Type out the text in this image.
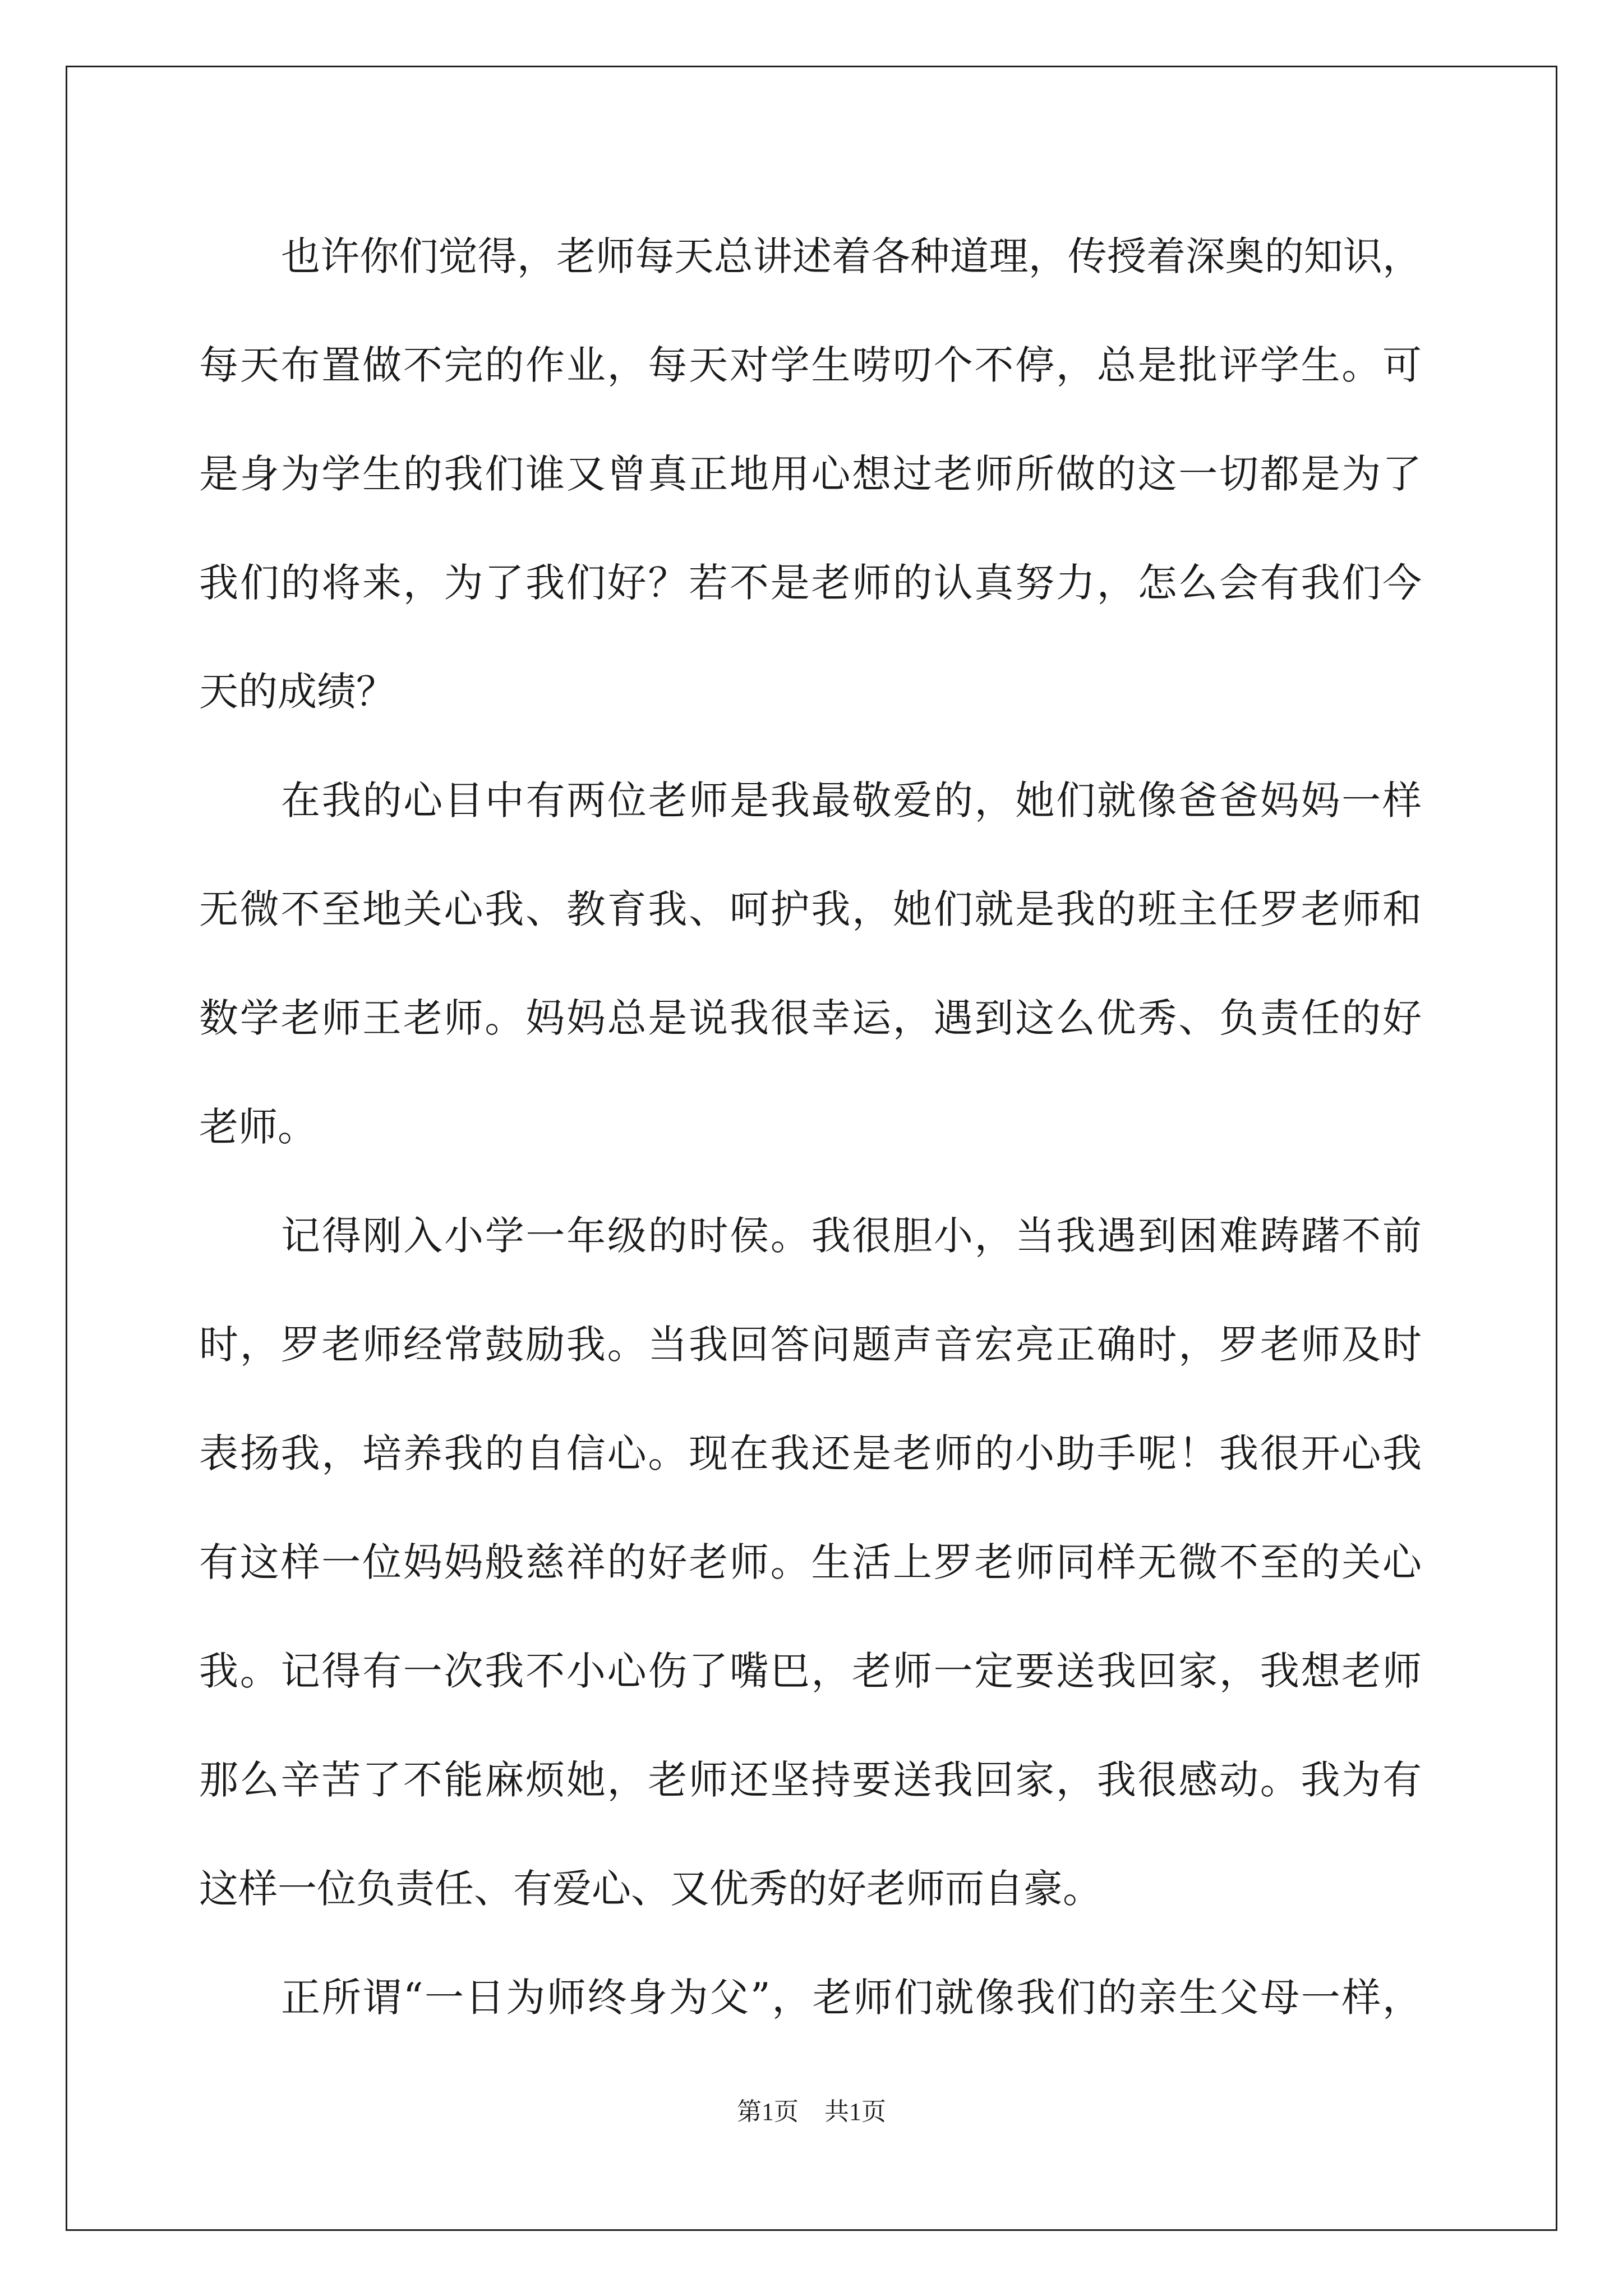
也许你们觉得，老师每天总讲述着各种道理，传授着深奥的知识，
每天布置做不完的作业，每天对学生唠叨个不停，总是批评学生。可
是身为学生的我们谁又曾真正地用心想过老师所做的这一切都是为了
我们的将来，为了我们好？若不是老师的认真努力，怎么会有我们今
天的成绩？
在我的心目中有两位老师是我最敬爱的，她们就像爸爸妈妈一样
无微不至地关心我、教育我、呵护我，她们就是我的班主任罗老师和
数学老师王老师。妈妈总是说我很幸运，遇到这么优秀、负责任的好
老师。
记得刚入小学一年级的时侯。我很胆小，当我遇到困难踌躇不前
时，罗老师经常鼓励我。当我回答问题声音宏亮正确时，罗老师及时
表扬我，培养我的自信心。现在我还是老师的小助手呢！我很开心我
有这样一位妈妈般慈祥的好老师。生活上罗老师同样无微不至的关心
我。记得有一次我不小心伤了嘴巴，老师一定要送我回家，我想老师
那么辛苦了不能麻烦她，老师还坚持要送我回家，我很感动。我为有
这样一位负责任、有爱心、又优秀的好老师而自豪。
正所谓“一日为师终身为父”，老师们就像我们的亲生父母一样，
第1页 共1页
